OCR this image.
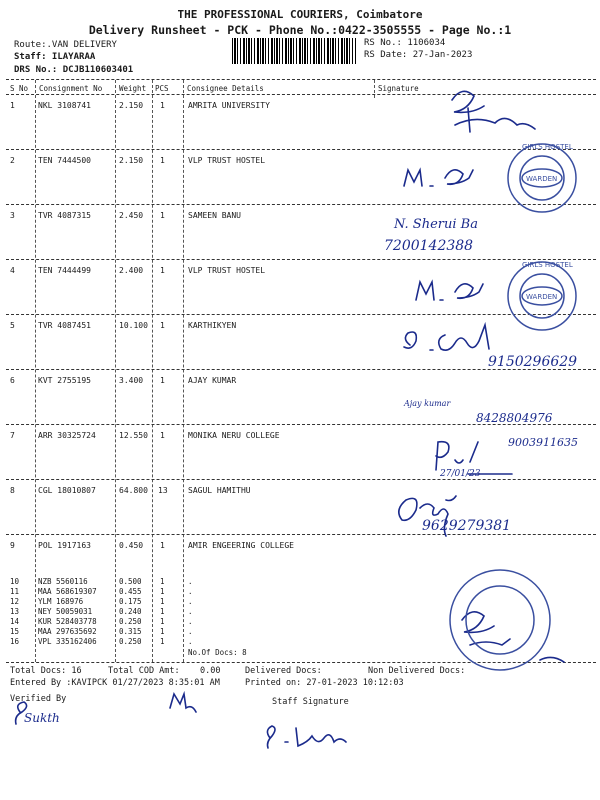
THE PROFESSIONAL COURIERS, Coimbatore
Delivery Runsheet - PCK - Phone No.:0422-3505555 - Page No.:1
Route:.VAN DELIVERY
Staff: ILAYARAA
DRS No.: DCJB110603401
RS No.: 1106034
RS Date: 27-Jan-2023
S No Consignment No Weight PCS Consignee Details	Signature
1	NKL 3108741	2.150 1	AMRITA UNIVERSITY
2	TEN 7444500	2.150 1	VLP TRUST HOSTEL
3	TVR 4087315	2.450 1	SAMEEN BANU
4	TEN 7444499	2.400 1	VLP TRUST HOSTEL
5	TVR 4087451	10.100 1	KARTHIKYEN
6	KVT 2755195	3.400 1	AJAY KUMAR
7	ARR 30325724	12.550 1	MONIKA NERU COLLEGE
8	CGL 18010807	64.800 13	SAGUL HAMITHU
9	POL 1917163	0.450 1	AMIR ENGEERING COLLEGE
10	NZB 5560116	0.500 1	.
11	MAA 568619307	0.455 1	.
12	YLM 168976	0.175 1	.
13	NEY 50059031	0.240 1	.
14	KUR 528403778	0.250 1	.
15	MAA 297635692	0.315 1	.
16	VPL 335162406	0.250 1	.
No.Of Docs: 8
Total Docs: 16	Total COD Amt: 0.00	Delivered Docs:	Non Delivered Docs:
Entered By :KAVIPCK 01/27/2023 8:35:01 AM	Printed on: 27-01-2023 10:12:03
Verified By	Staff Signature
WARDEN
WARDEN
GIRLS HOSTEL
GIRLS HOSTEL
N. Sherui Ba
7200142388
9150296629
Ajay kumar
8428804976
27/01/23
9003911635
9629279381
Sukth
